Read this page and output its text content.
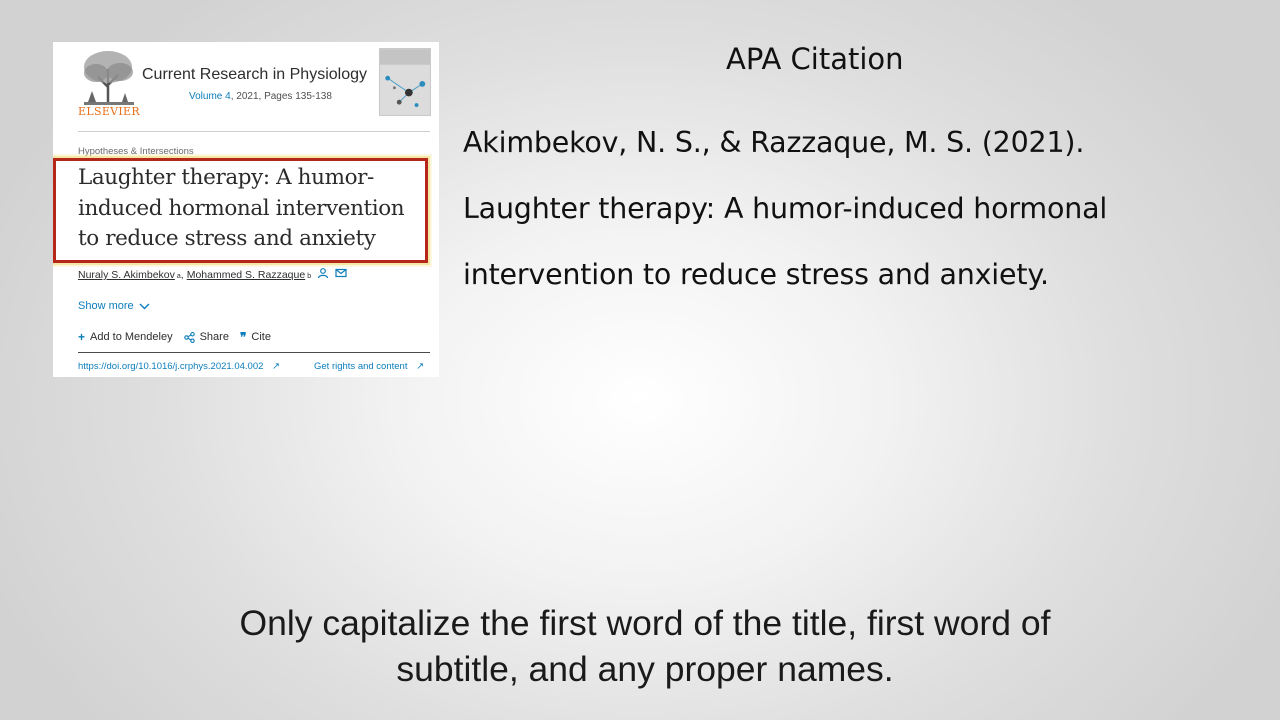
ELSEVIER
Current Research in Physiology
Volume 4, 2021, Pages 135-138
Hypotheses & Intersections
Laughter therapy: A humor-induced hormonal intervention to reduce stress and anxiety
Nuraly S. Akimbekov a , Mohammed S. Razzaque b
Show more
+ Add to Mendeley Share ❞ Cite
https://doi.org/10.1016/j.crphys.2021.04.002 ↗	Get rights and content ↗
APA Citation
Akimbekov, N. S., & Razzaque, M. S. (2021).
Laughter therapy: A humor-induced hormonal
intervention to reduce stress and anxiety.
Only capitalize the first word of the title, first word of
subtitle, and any proper names.
